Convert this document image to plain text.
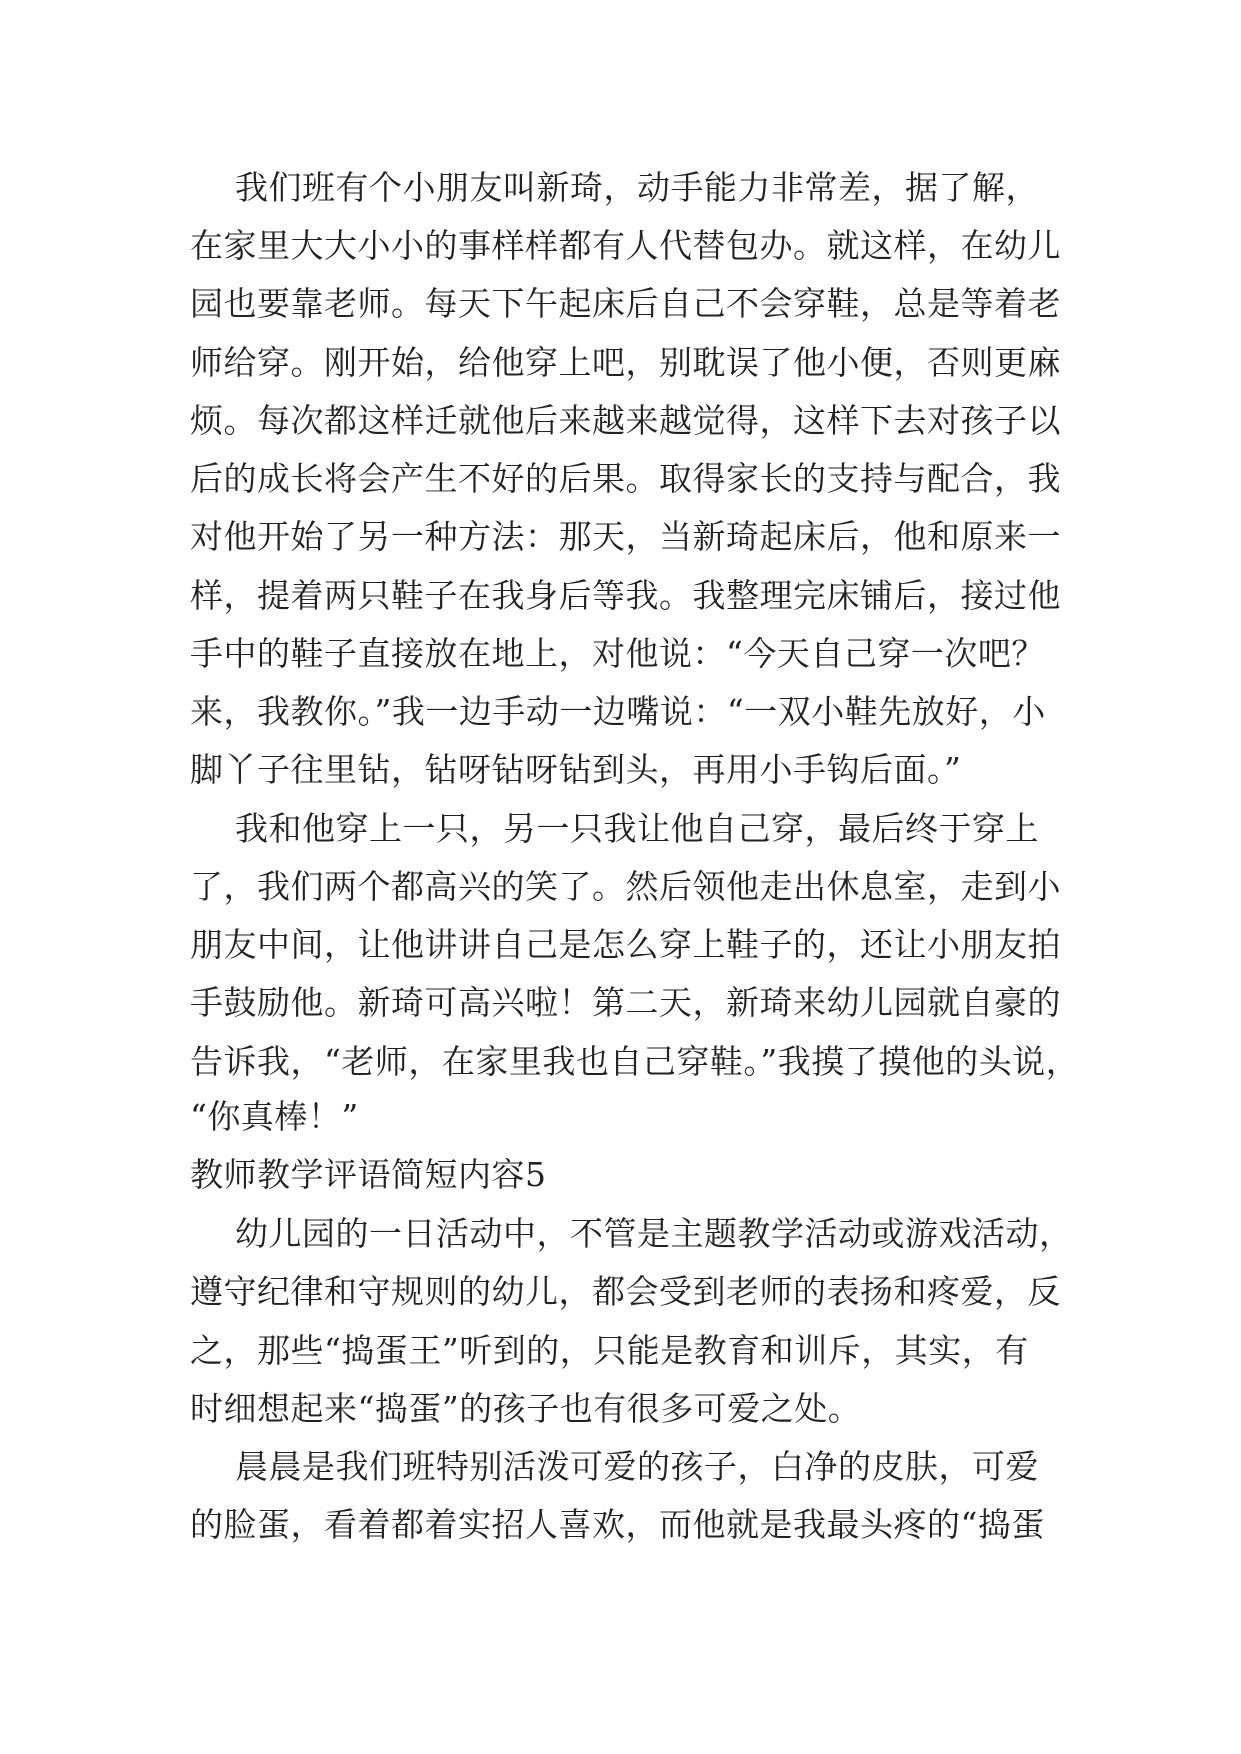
我们班有个小朋友叫新琦，动手能力非常差，据了解，
在家里大大小小的事样样都有人代替包办。就这样，在幼儿
园也要靠老师。每天下午起床后自己不会穿鞋，总是等着老
师给穿。刚开始，给他穿上吧，别耽误了他小便，否则更麻
烦。每次都这样迁就他后来越来越觉得，这样下去对孩子以
后的成长将会产生不好的后果。取得家长的支持与配合，我
对他开始了另一种方法：那天，当新琦起床后，他和原来一
样，提着两只鞋子在我身后等我。我整理完床铺后，接过他
手中的鞋子直接放在地上，对他说：“今天自己穿一次吧？
来，我教你。”我一边手动一边嘴说：“一双小鞋先放好，小
脚丫子往里钻，钻呀钻呀钻到头，再用小手钩后面。”
我和他穿上一只，另一只我让他自己穿，最后终于穿上
了，我们两个都高兴的笑了。然后领他走出休息室，走到小
朋友中间，让他讲讲自己是怎么穿上鞋子的，还让小朋友拍
手鼓励他。新琦可高兴啦！第二天，新琦来幼儿园就自豪的
告诉我，“老师，在家里我也自己穿鞋。”我摸了摸他的头说，
“你真棒！”
教师教学评语简短内容5
幼儿园的一日活动中，不管是主题教学活动或游戏活动，
遵守纪律和守规则的幼儿，都会受到老师的表扬和疼爱，反
之，那些“捣蛋王”听到的，只能是教育和训斥，其实，有
时细想起来“捣蛋”的孩子也有很多可爱之处。
晨晨是我们班特别活泼可爱的孩子，白净的皮肤，可爱
的脸蛋，看着都着实招人喜欢，而他就是我最头疼的“捣蛋
